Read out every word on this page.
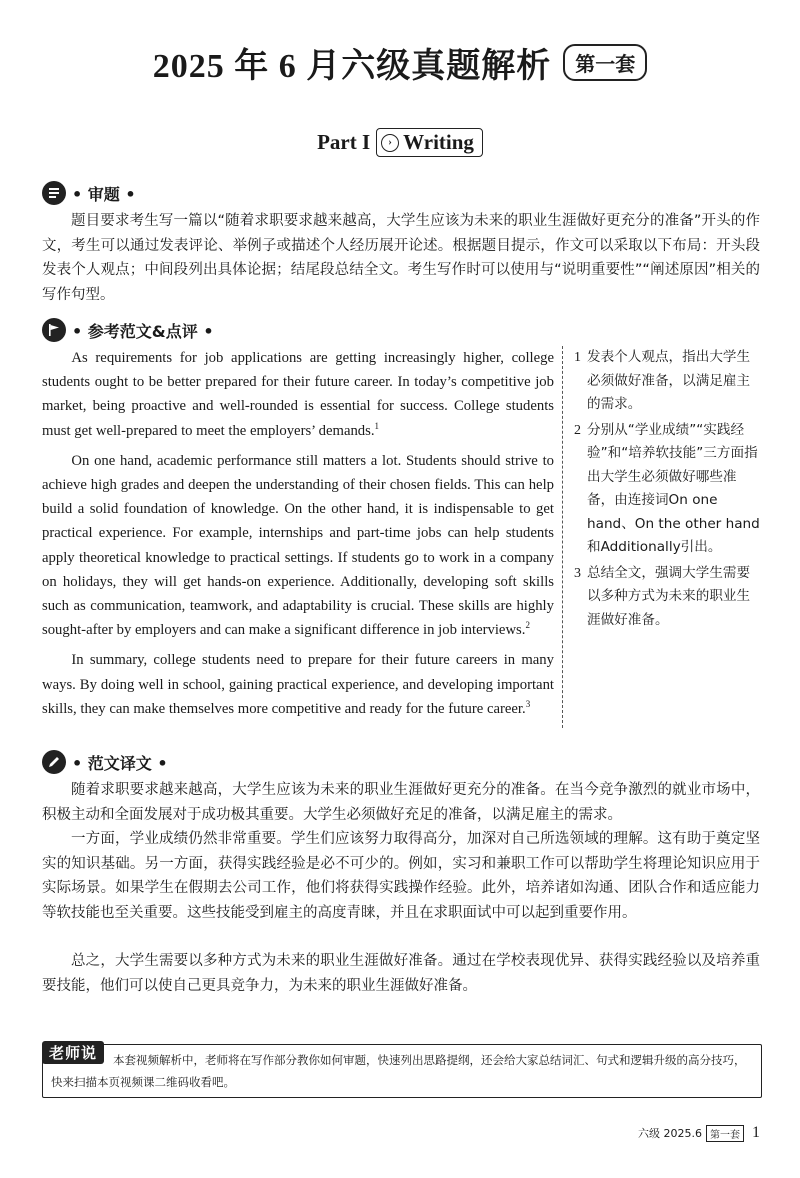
2025 年 6 月六级真题解析	第一套
Part I	› Writing
• 审题 •

题目要求考生写一篇以“随着求职要求越来越高，大学生应该为未来的职业生涯做好更充分的准备”开头的作文，考生可以通过发表评论、举例子或描述个人经历展开论述。根据题目提示，作文可以采取以下布局：开头段发表个人观点；中间段列出具体论据；结尾段总结全文。考生写作时可以使用与“说明重要性”“阐述原因”相关的写作句型。

• 参考范文&点评 •

As requirements for job applications are getting increasingly higher, college students ought to be better prepared for their future career. In today’s competitive job market, being proactive and well-rounded is essential for success. College students must get well-prepared to meet the employers’ demands.$^1$

On one hand, academic performance still matters a lot. Students should strive to achieve high grades and deepen the understanding of their chosen fields. This can help build a solid foundation of knowledge. On the other hand, it is indispensable to get practical experience. For example, internships and part-time jobs can help students apply theoretical knowledge to practical settings. If students go to work in a company on holidays, they will get hands-on experience. Additionally, developing soft skills such as communication, teamwork, and adaptability is crucial. These skills are highly sought-after by employers and can make a significant difference in job interviews.$^2$

In summary, college students need to prepare for their future careers in many ways. By doing well in school, gaining practical experience, and developing important skills, they can make themselves more competitive and ready for the future career.$^3$

1 发表个人观点，指出大学生必须做好准备，以满足雇主的需求。
2 分别从“学业成绩”“实践经验”和“培养软技能”三方面指出大学生必须做好哪些准备，由连接词On one hand、On the other hand和Additionally引出。
3 总结全文，强调大学生需要以多种方式为未来的职业生涯做好准备。
• 范文译文 •

随着求职要求越来越高，大学生应该为未来的职业生涯做好更充分的准备。在当今竞争激烈的就业市场中，积极主动和全面发展对于成功极其重要。大学生必须做好充足的准备，以满足雇主的需求。

一方面，学业成绩仍然非常重要。学生们应该努力取得高分，加深对自己所选领域的理解。这有助于奠定坚实的知识基础。另一方面，获得实践经验是必不可少的。例如，实习和兼职工作可以帮助学生将理论知识应用于实际场景。如果学生在假期去公司工作，他们将获得实践操作经验。此外，培养诸如沟通、团队合作和适应能力等软技能也至关重要。这些技能受到雇主的高度青睐，并且在求职面试中可以起到重要作用。

总之，大学生需要以多种方式为未来的职业生涯做好准备。通过在学校表现优异、获得实践经验以及培养重要技能，他们可以使自己更具竞争力，为未来的职业生涯做好准备。

老师说	本套视频解析中，老师将在写作部分教你如何审题，快速列出思路提纲，还会给大家总结词汇、句式和逻辑升级的高分技巧，快来扫描本页视频课二维码收看吧。

六级 2025.6 第一套 1
